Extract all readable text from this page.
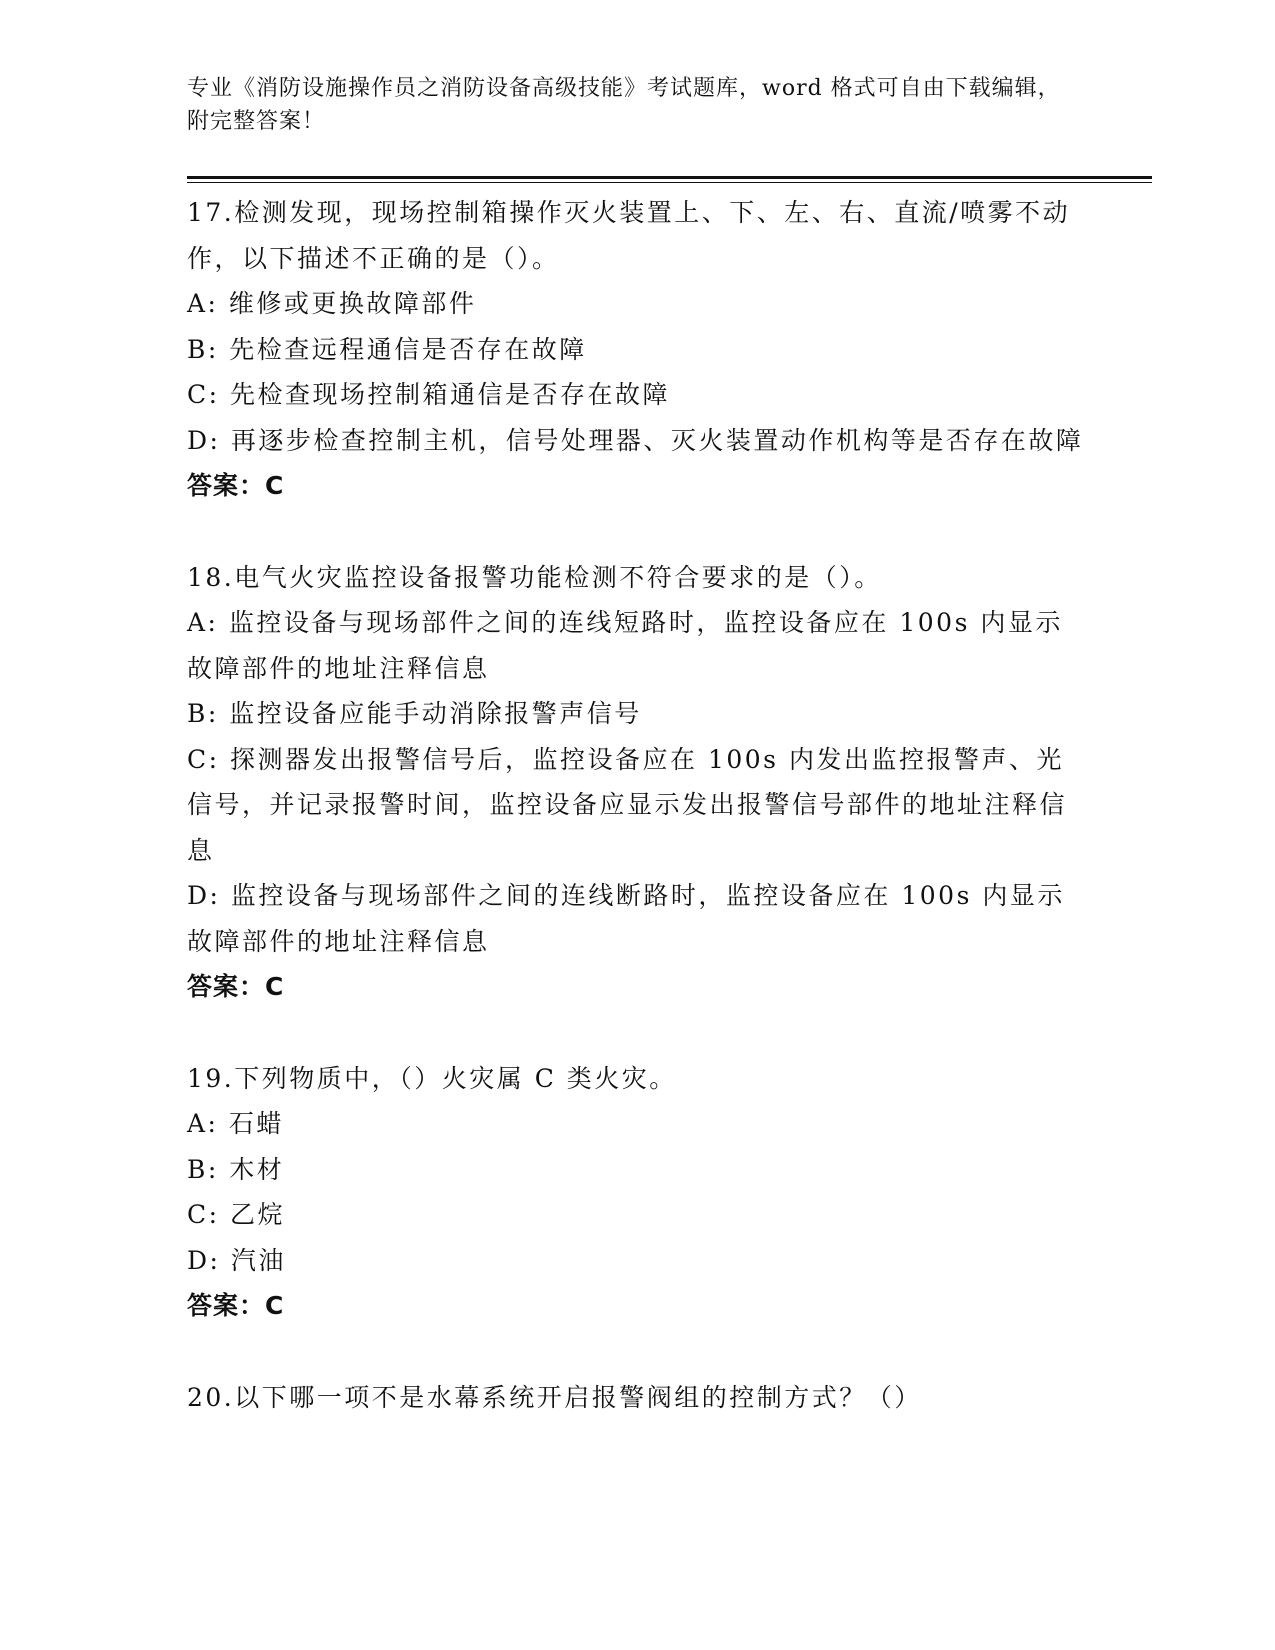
专业《消防设施操作员之消防设备高级技能》考试题库，word 格式可自由下载编辑，附完整答案！

17.检测发现，现场控制箱操作灭火装置上、下、左、右、直流/喷雾不动作，以下描述不正确的是（）。

A: 维修或更换故障部件

B: 先检查远程通信是否存在故障

C: 先检查现场控制箱通信是否存在故障

D: 再逐步检查控制主机，信号处理器、灭火装置动作机构等是否存在故障

答案：C

18.电气火灾监控设备报警功能检测不符合要求的是（）。

A: 监控设备与现场部件之间的连线短路时，监控设备应在 100s 内显示故障部件的地址注释信息

B: 监控设备应能手动消除报警声信号

C: 探测器发出报警信号后，监控设备应在 100s 内发出监控报警声、光信号，并记录报警时间，监控设备应显示发出报警信号部件的地址注释信息

D: 监控设备与现场部件之间的连线断路时，监控设备应在 100s 内显示故障部件的地址注释信息

答案：C

19.下列物质中，（）火灾属 C 类火灾。

A: 石蜡

B: 木材

C: 乙烷

D: 汽油

答案：C

20.以下哪一项不是水幕系统开启报警阀组的控制方式？（）
